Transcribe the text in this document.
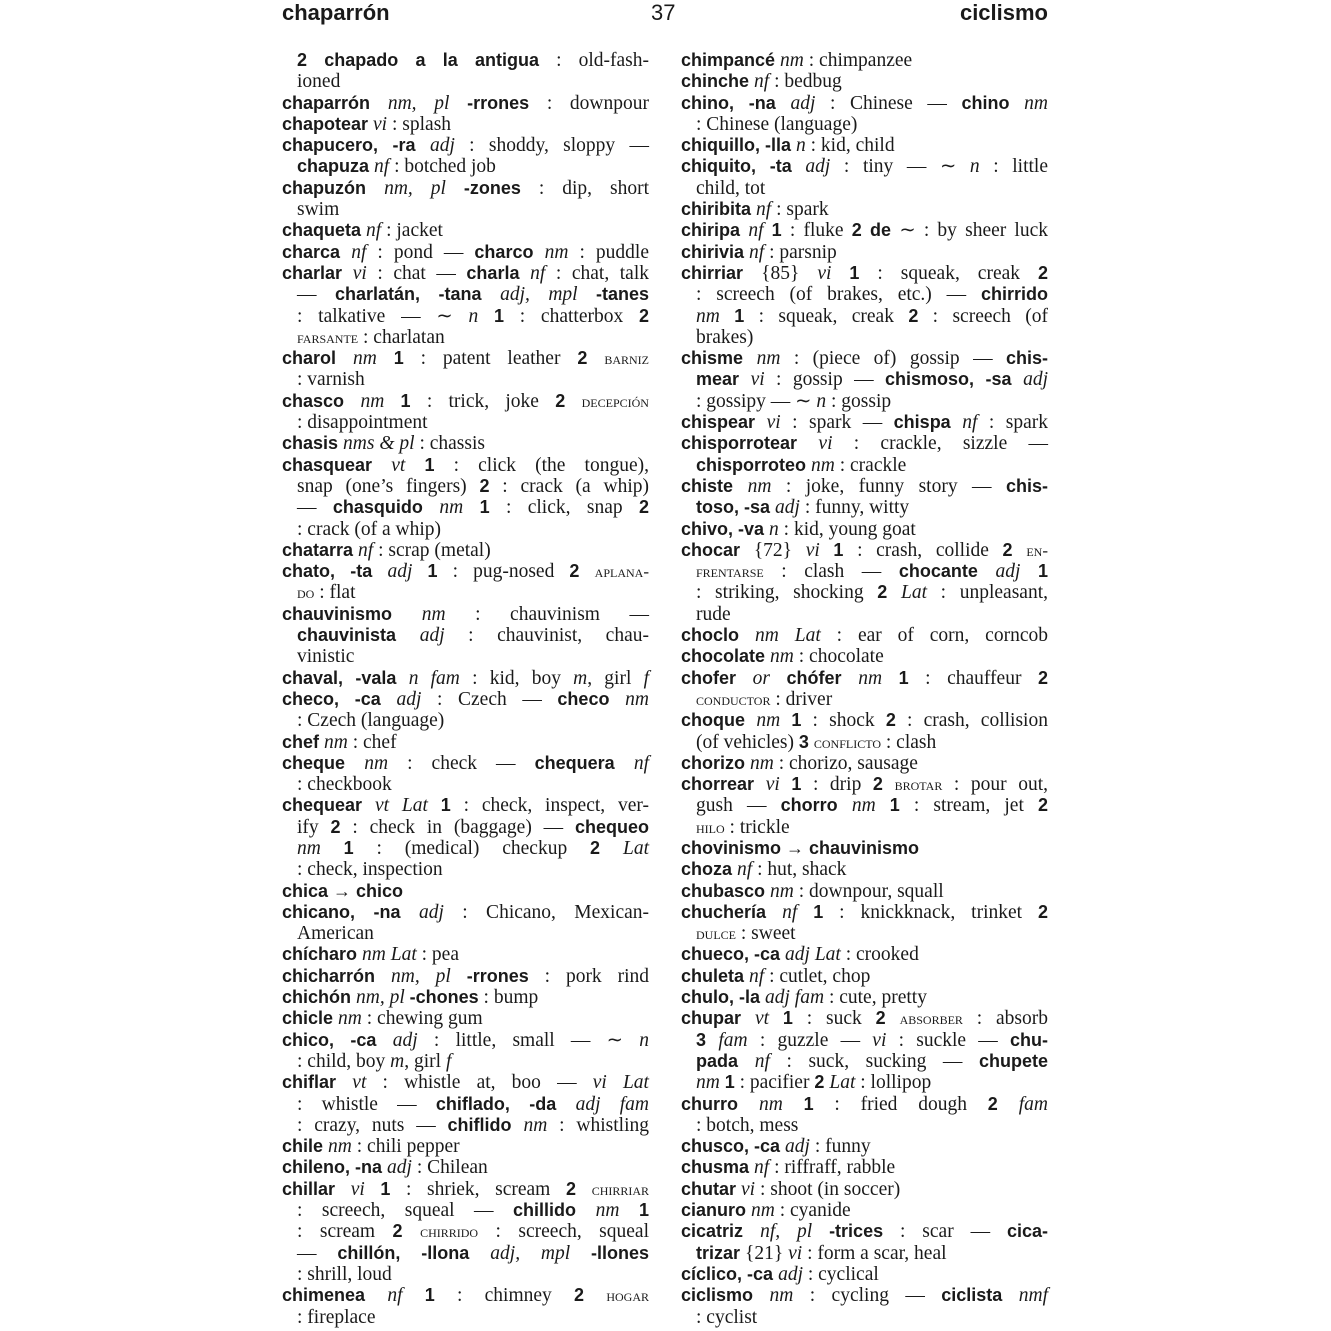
chaparrón	37	ciclismo
2 chapado a la antigua : old-fash-
ioned
chaparrón nm, pl -rrones : downpour
chapotear vi : splash
chapucero, -ra adj : shoddy, sloppy —
chapuza nf : botched job
chapuzón nm, pl -zones : dip, short
swim
chaqueta nf : jacket
charca nf : pond — charco nm : puddle
charlar vi : chat — charla nf : chat, talk
— charlatán, -tana adj, mpl -tanes
: talkative — ∼ n 1 : chatterbox 2
farsante : charlatan
charol nm 1 : patent leather 2 barniz
: varnish
chasco nm 1 : trick, joke 2 decepción
: disappointment
chasis nms & pl : chassis
chasquear vt 1 : click (the tongue),
snap (one’s fingers) 2 : crack (a whip)
— chasquido nm 1 : click, snap 2
: crack (of a whip)
chatarra nf : scrap (metal)
chato, -ta adj 1 : pug-nosed 2 aplana-
do : flat
chauvinismo nm : chauvinism —
chauvinista adj : chauvinist, chau-
vinistic
chaval, -vala n fam : kid, boy m, girl f
checo, -ca adj : Czech — checo nm
: Czech (language)
chef nm : chef
cheque nm : check — chequera nf
: checkbook
chequear vt Lat 1 : check, inspect, ver-
ify 2 : check in (baggage) — chequeo
nm 1 : (medical) checkup 2 Lat
: check, inspection
chica → chico
chicano, -na adj : Chicano, Mexican-
American
chícharo nm Lat : pea
chicharrón nm, pl -rrones : pork rind
chichón nm, pl -chones : bump
chicle nm : chewing gum
chico, -ca adj : little, small — ∼ n
: child, boy m, girl f
chiflar vt : whistle at, boo — vi Lat
: whistle — chiflado, -da adj fam
: crazy, nuts — chiflido nm : whistling
chile nm : chili pepper
chileno, -na adj : Chilean
chillar vi 1 : shriek, scream 2 chirriar
: screech, squeal — chillido nm 1
: scream 2 chirrido : screech, squeal
— chillón, -llona adj, mpl -llones
: shrill, loud
chimenea nf 1 : chimney 2 hogar
: fireplace
chimpancé nm : chimpanzee
chinche nf : bedbug
chino, -na adj : Chinese — chino nm
: Chinese (language)
chiquillo, -lla n : kid, child
chiquito, -ta adj : tiny — ∼ n : little
child, tot
chiribita nf : spark
chiripa nf 1 : fluke 2 de ∼ : by sheer luck
chirivia nf : parsnip
chirriar {85} vi 1 : squeak, creak 2
: screech (of brakes, etc.) — chirrido
nm 1 : squeak, creak 2 : screech (of
brakes)
chisme nm : (piece of) gossip — chis-
mear vi : gossip — chismoso, -sa adj
: gossipy — ∼ n : gossip
chispear vi : spark — chispa nf : spark
chisporrotear vi : crackle, sizzle —
chisporroteo nm : crackle
chiste nm : joke, funny story — chis-
toso, -sa adj : funny, witty
chivo, -va n : kid, young goat
chocar {72} vi 1 : crash, collide 2 en-
frentarse : clash — chocante adj 1
: striking, shocking 2 Lat : unpleasant,
rude
choclo nm Lat : ear of corn, corncob
chocolate nm : chocolate
chofer or chófer nm 1 : chauffeur 2
conductor : driver
choque nm 1 : shock 2 : crash, collision
(of vehicles) 3 conflicto : clash
chorizo nm : chorizo, sausage
chorrear vi 1 : drip 2 brotar : pour out,
gush — chorro nm 1 : stream, jet 2
hilo : trickle
chovinismo → chauvinismo
choza nf : hut, shack
chubasco nm : downpour, squall
chuchería nf 1 : knickknack, trinket 2
dulce : sweet
chueco, -ca adj Lat : crooked
chuleta nf : cutlet, chop
chulo, -la adj fam : cute, pretty
chupar vt 1 : suck 2 absorber : absorb
3 fam : guzzle — vi : suckle — chu-
pada nf : suck, sucking — chupete
nm 1 : pacifier 2 Lat : lollipop
churro nm 1 : fried dough 2 fam
: botch, mess
chusco, -ca adj : funny
chusma nf : riffraff, rabble
chutar vi : shoot (in soccer)
cianuro nm : cyanide
cicatriz nf, pl -trices : scar — cica-
trizar {21} vi : form a scar, heal
cíclico, -ca adj : cyclical
ciclismo nm : cycling — ciclista nmf
: cyclist
